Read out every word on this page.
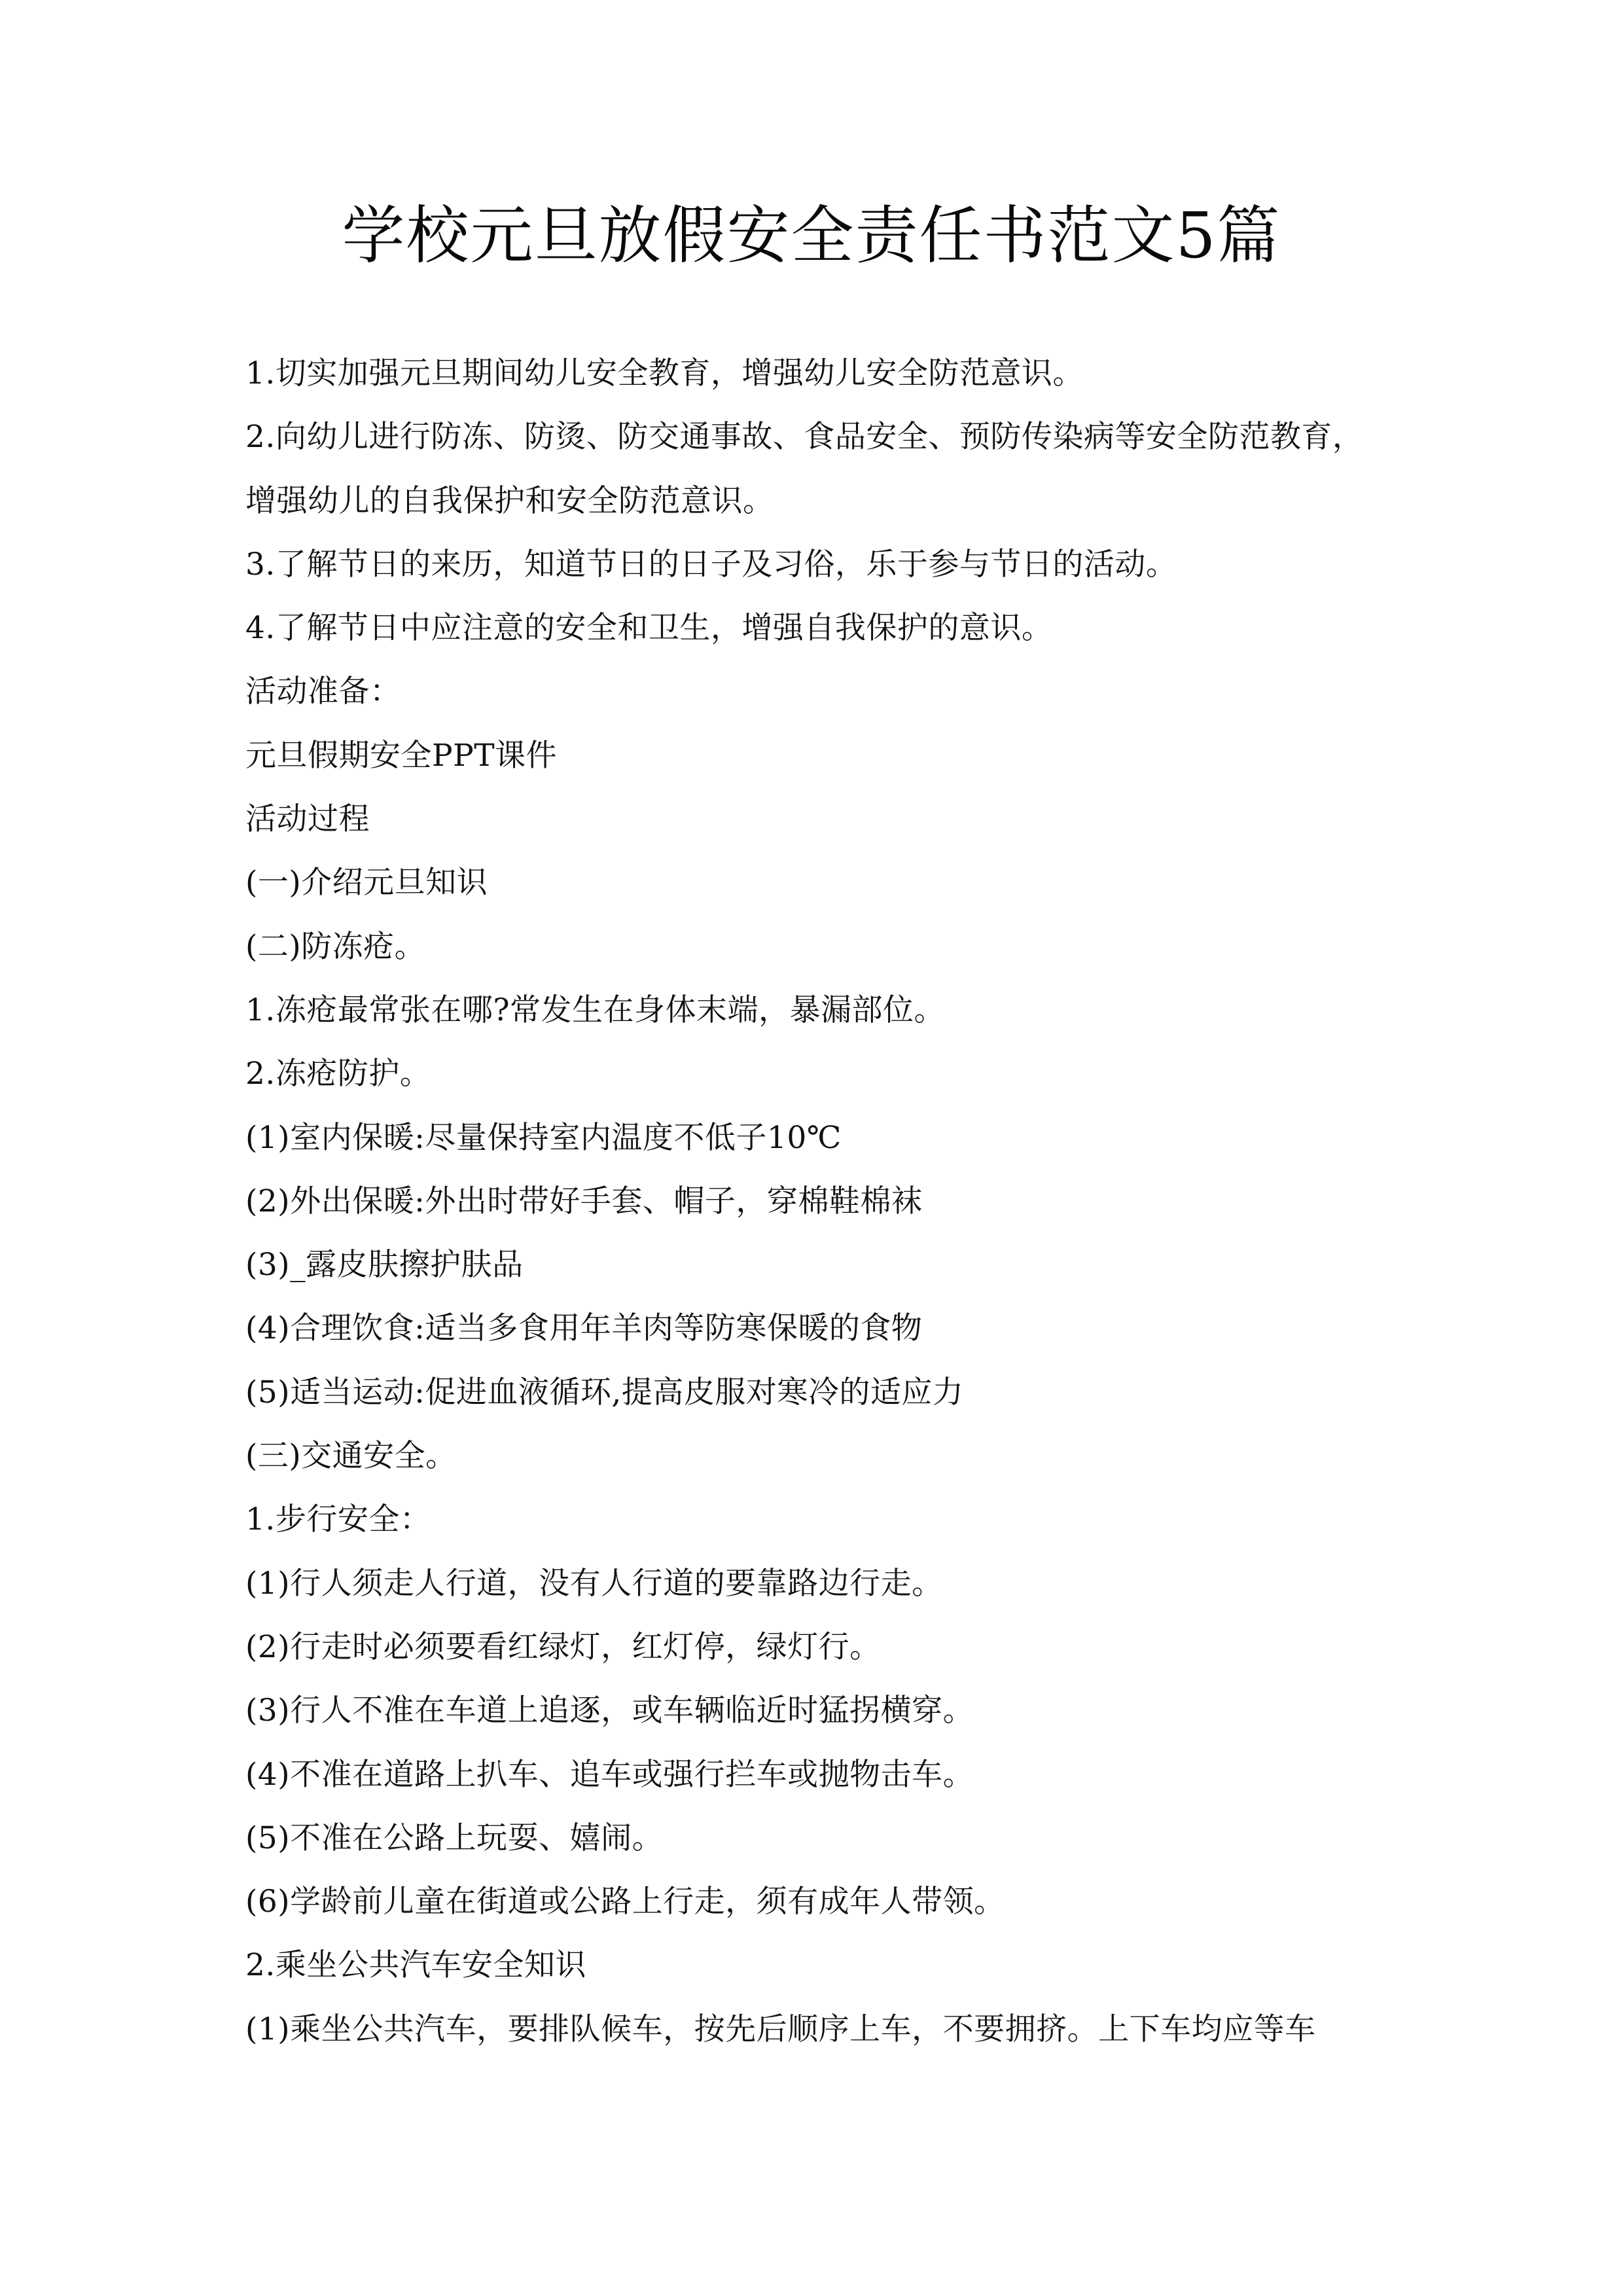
学校元旦放假安全责任书范文5篇
1.切实加强元旦期间幼儿安全教育，增强幼儿安全防范意识。
2.向幼儿进行防冻、防烫、防交通事故、食品安全、预防传染病等安全防范教育，
增强幼儿的自我保护和安全防范意识。
3.了解节日的来历，知道节日的日子及习俗，乐于参与节日的活动。
4.了解节日中应注意的安全和卫生，增强自我保护的意识。
活动准备：
元旦假期安全PPT课件
活动过程
(一)介绍元旦知识
(二)防冻疮。
1.冻疮最常张在哪?常发生在身体末端，暴漏部位。
2.冻疮防护。
(1)室内保暖:尽量保持室内温度不低子10℃
(2)外出保暖:外出时带好手套、帽子，穿棉鞋棉袜
(3)_露皮肤擦护肤品
(4)合理饮食:适当多食用年羊肉等防寒保暖的食物
(5)适当运动:促进血液循环,提高皮服对寒冷的适应力
(三)交通安全。
1.步行安全：
(1)行人须走人行道，没有人行道的要靠路边行走。
(2)行走时必须要看红绿灯，红灯停，绿灯行。
(3)行人不准在车道上追逐，或车辆临近时猛拐横穿。
(4)不准在道路上扒车、追车或强行拦车或抛物击车。
(5)不准在公路上玩耍、嬉闹。
(6)学龄前儿童在街道或公路上行走，须有成年人带领。
2.乘坐公共汽车安全知识
(1)乘坐公共汽车，要排队候车，按先后顺序上车，不要拥挤。上下车均应等车
